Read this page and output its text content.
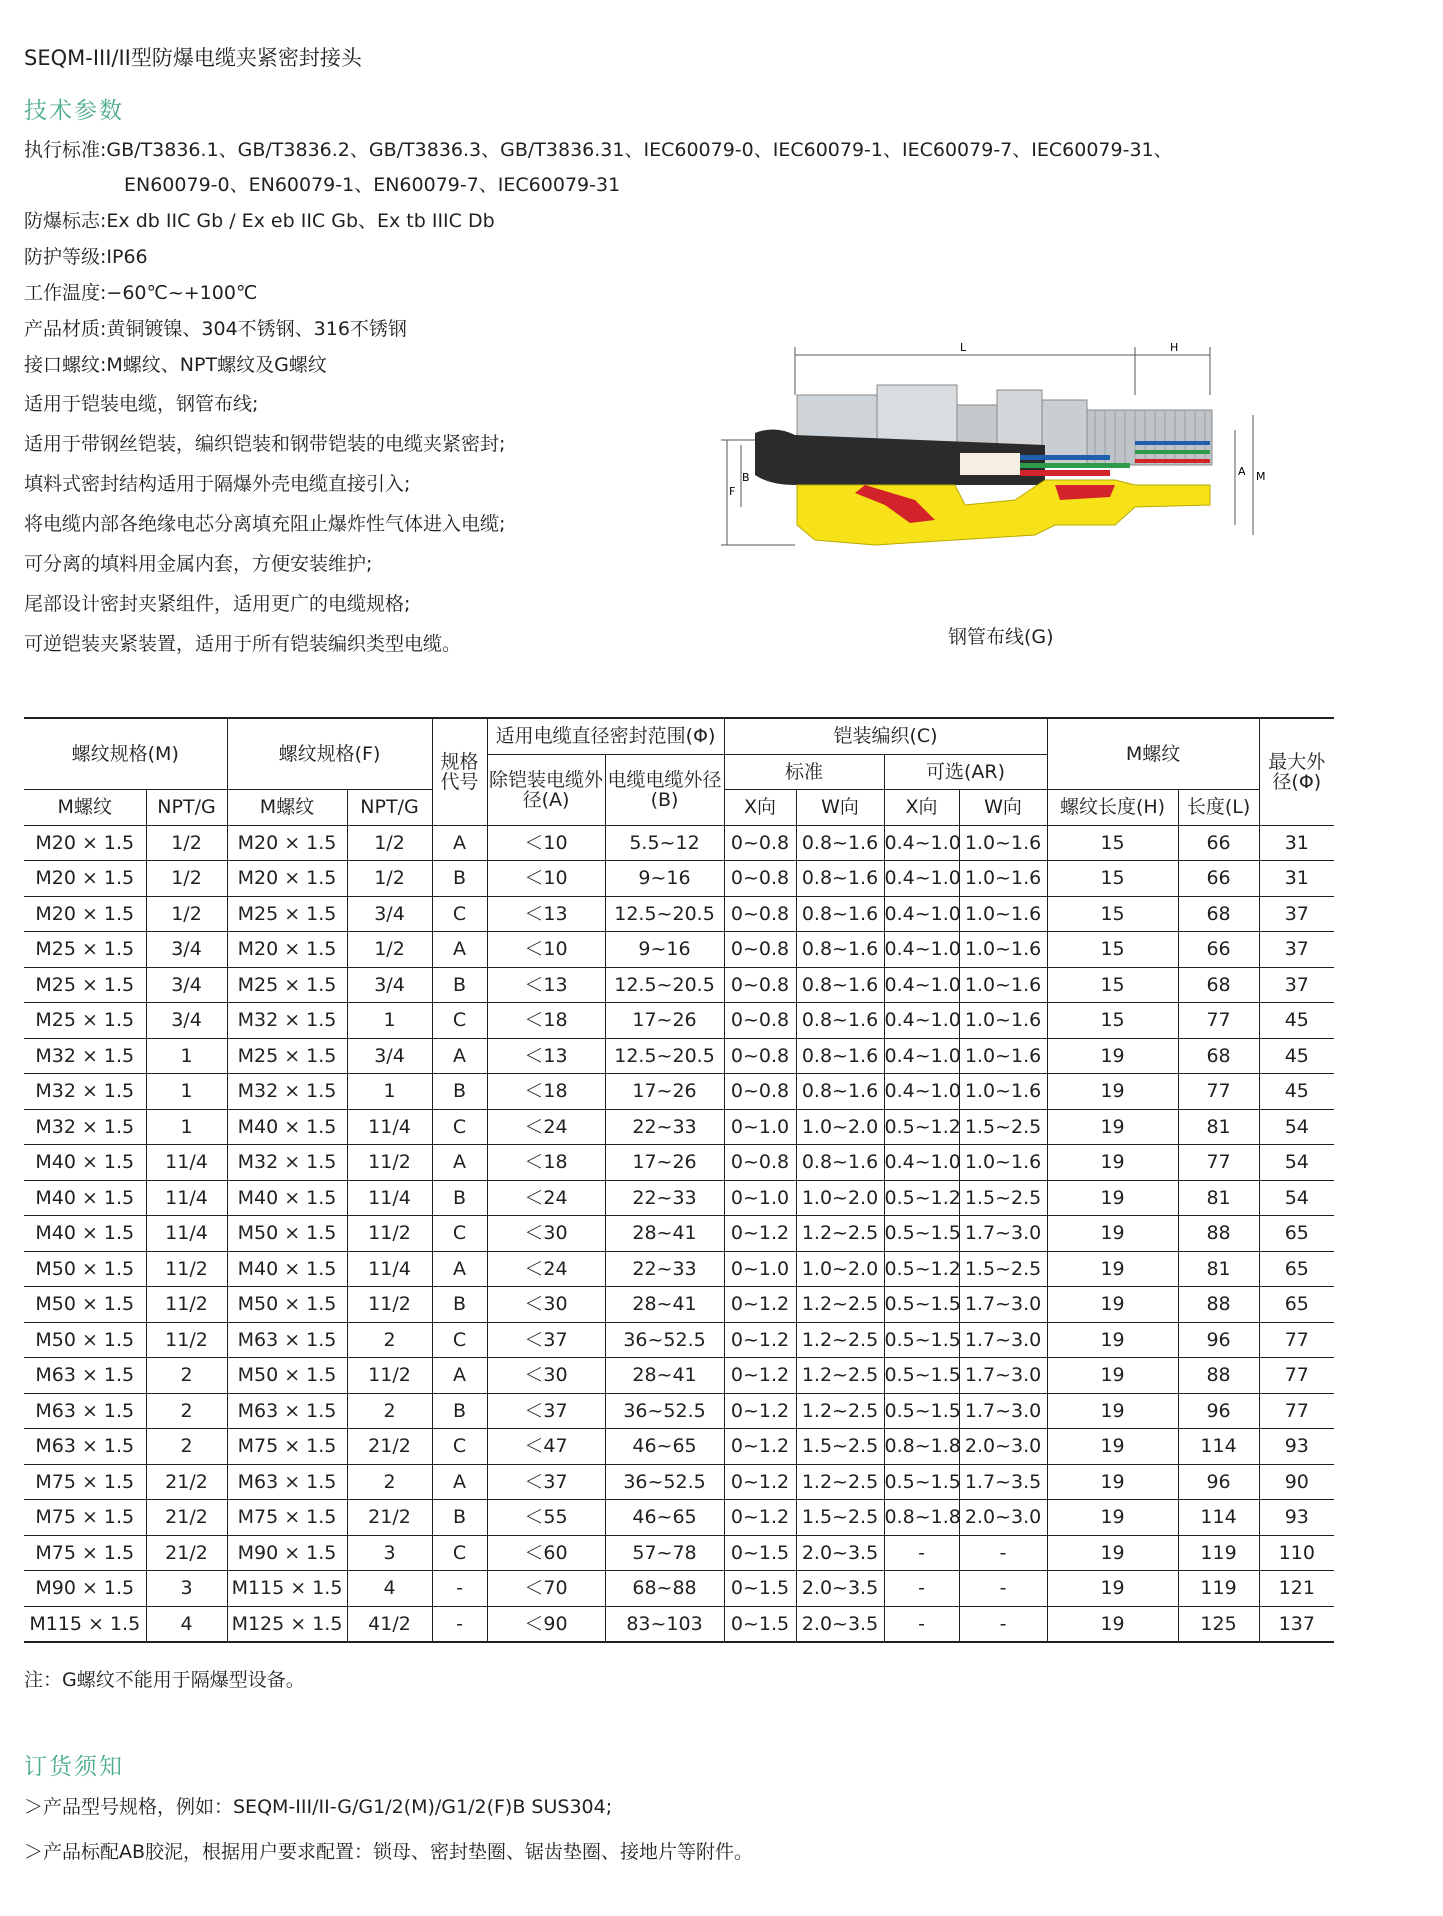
SEQM-III/II型防爆电缆夹紧密封接头
技术参数
执行标准:GB/T3836.1、GB/T3836.2、GB/T3836.3、GB/T3836.31、IEC60079-0、IEC60079-1、IEC60079-7、IEC60079-31、
EN60079-0、EN60079-1、EN60079-7、IEC60079-31
防爆标志:Ex db IIC Gb / Ex eb IIC Gb、Ex tb IIIC Db
防护等级:IP66
工作温度:−60℃~+100℃
产品材质:黄铜镀镍、304不锈钢、316不锈钢
接口螺纹:M螺纹、NPT螺纹及G螺纹
适用于铠装电缆，钢管布线;
适用于带钢丝铠装，编织铠装和钢带铠装的电缆夹紧密封;
填料式密封结构适用于隔爆外壳电缆直接引入;
将电缆内部各绝缘电芯分离填充阻止爆炸性气体进入电缆;
可分离的填料用金属内套，方便安装维护;
尾部设计密封夹紧组件，适用更广的电缆规格;
可逆铠装夹紧装置，适用于所有铠装编织类型电缆。
L	H
A M
B
F
钢管布线(G)
螺纹规格(M)		螺纹规格(F)		规格代号	适用电缆直径密封范围(Φ)		铠装编织(C)				M螺纹		最大外径(Φ)
					除铠装电缆外径(A)	电缆电缆外径(B)	标准		可选(AR)				
M螺纹	NPT/G	M螺纹	NPT/G				X向	W向	X向	W向	螺纹长度(H)	长度(L)	
M20 × 1.5	1/2	M20 × 1.5	1/2	A	＜10	5.5~12	0~0.8	0.8~1.6	0.4~1.0	1.0~1.6	15	66	31
M20 × 1.5	1/2	M20 × 1.5	1/2	B	＜10	9~16	0~0.8	0.8~1.6	0.4~1.0	1.0~1.6	15	66	31
M20 × 1.5	1/2	M25 × 1.5	3/4	C	＜13	12.5~20.5	0~0.8	0.8~1.6	0.4~1.0	1.0~1.6	15	68	37
M25 × 1.5	3/4	M20 × 1.5	1/2	A	＜10	9~16	0~0.8	0.8~1.6	0.4~1.0	1.0~1.6	15	66	37
M25 × 1.5	3/4	M25 × 1.5	3/4	B	＜13	12.5~20.5	0~0.8	0.8~1.6	0.4~1.0	1.0~1.6	15	68	37
M25 × 1.5	3/4	M32 × 1.5	1	C	＜18	17~26	0~0.8	0.8~1.6	0.4~1.0	1.0~1.6	15	77	45
M32 × 1.5	1	M25 × 1.5	3/4	A	＜13	12.5~20.5	0~0.8	0.8~1.6	0.4~1.0	1.0~1.6	19	68	45
M32 × 1.5	1	M32 × 1.5	1	B	＜18	17~26	0~0.8	0.8~1.6	0.4~1.0	1.0~1.6	19	77	45
M32 × 1.5	1	M40 × 1.5	11/4	C	＜24	22~33	0~1.0	1.0~2.0	0.5~1.2	1.5~2.5	19	81	54
M40 × 1.5	11/4	M32 × 1.5	11/2	A	＜18	17~26	0~0.8	0.8~1.6	0.4~1.0	1.0~1.6	19	77	54
M40 × 1.5	11/4	M40 × 1.5	11/4	B	＜24	22~33	0~1.0	1.0~2.0	0.5~1.2	1.5~2.5	19	81	54
M40 × 1.5	11/4	M50 × 1.5	11/2	C	＜30	28~41	0~1.2	1.2~2.5	0.5~1.5	1.7~3.0	19	88	65
M50 × 1.5	11/2	M40 × 1.5	11/4	A	＜24	22~33	0~1.0	1.0~2.0	0.5~1.2	1.5~2.5	19	81	65
M50 × 1.5	11/2	M50 × 1.5	11/2	B	＜30	28~41	0~1.2	1.2~2.5	0.5~1.5	1.7~3.0	19	88	65
M50 × 1.5	11/2	M63 × 1.5	2	C	＜37	36~52.5	0~1.2	1.2~2.5	0.5~1.5	1.7~3.0	19	96	77
M63 × 1.5	2	M50 × 1.5	11/2	A	＜30	28~41	0~1.2	1.2~2.5	0.5~1.5	1.7~3.0	19	88	77
M63 × 1.5	2	M63 × 1.5	2	B	＜37	36~52.5	0~1.2	1.2~2.5	0.5~1.5	1.7~3.0	19	96	77
M63 × 1.5	2	M75 × 1.5	21/2	C	＜47	46~65	0~1.2	1.5~2.5	0.8~1.8	2.0~3.0	19	114	93
M75 × 1.5	21/2	M63 × 1.5	2	A	＜37	36~52.5	0~1.2	1.2~2.5	0.5~1.5	1.7~3.5	19	96	90
M75 × 1.5	21/2	M75 × 1.5	21/2	B	＜55	46~65	0~1.2	1.5~2.5	0.8~1.8	2.0~3.0	19	114	93
M75 × 1.5	21/2	M90 × 1.5	3	C	＜60	57~78	0~1.5	2.0~3.5	-	-	19	119	110
M90 × 1.5	3	M115 × 1.5	4	-	＜70	68~88	0~1.5	2.0~3.5	-	-	19	119	121
M115 × 1.5	4	M125 × 1.5	41/2	-	＜90	83~103	0~1.5	2.0~3.5	-	-	19	125	137
注：G螺纹不能用于隔爆型设备。
订货须知
＞产品型号规格，例如：SEQM-III/II-G/G1/2(M)/G1/2(F)B SUS304;
＞产品标配AB胶泥，根据用户要求配置：锁母、密封垫圈、锯齿垫圈、接地片等附件。
